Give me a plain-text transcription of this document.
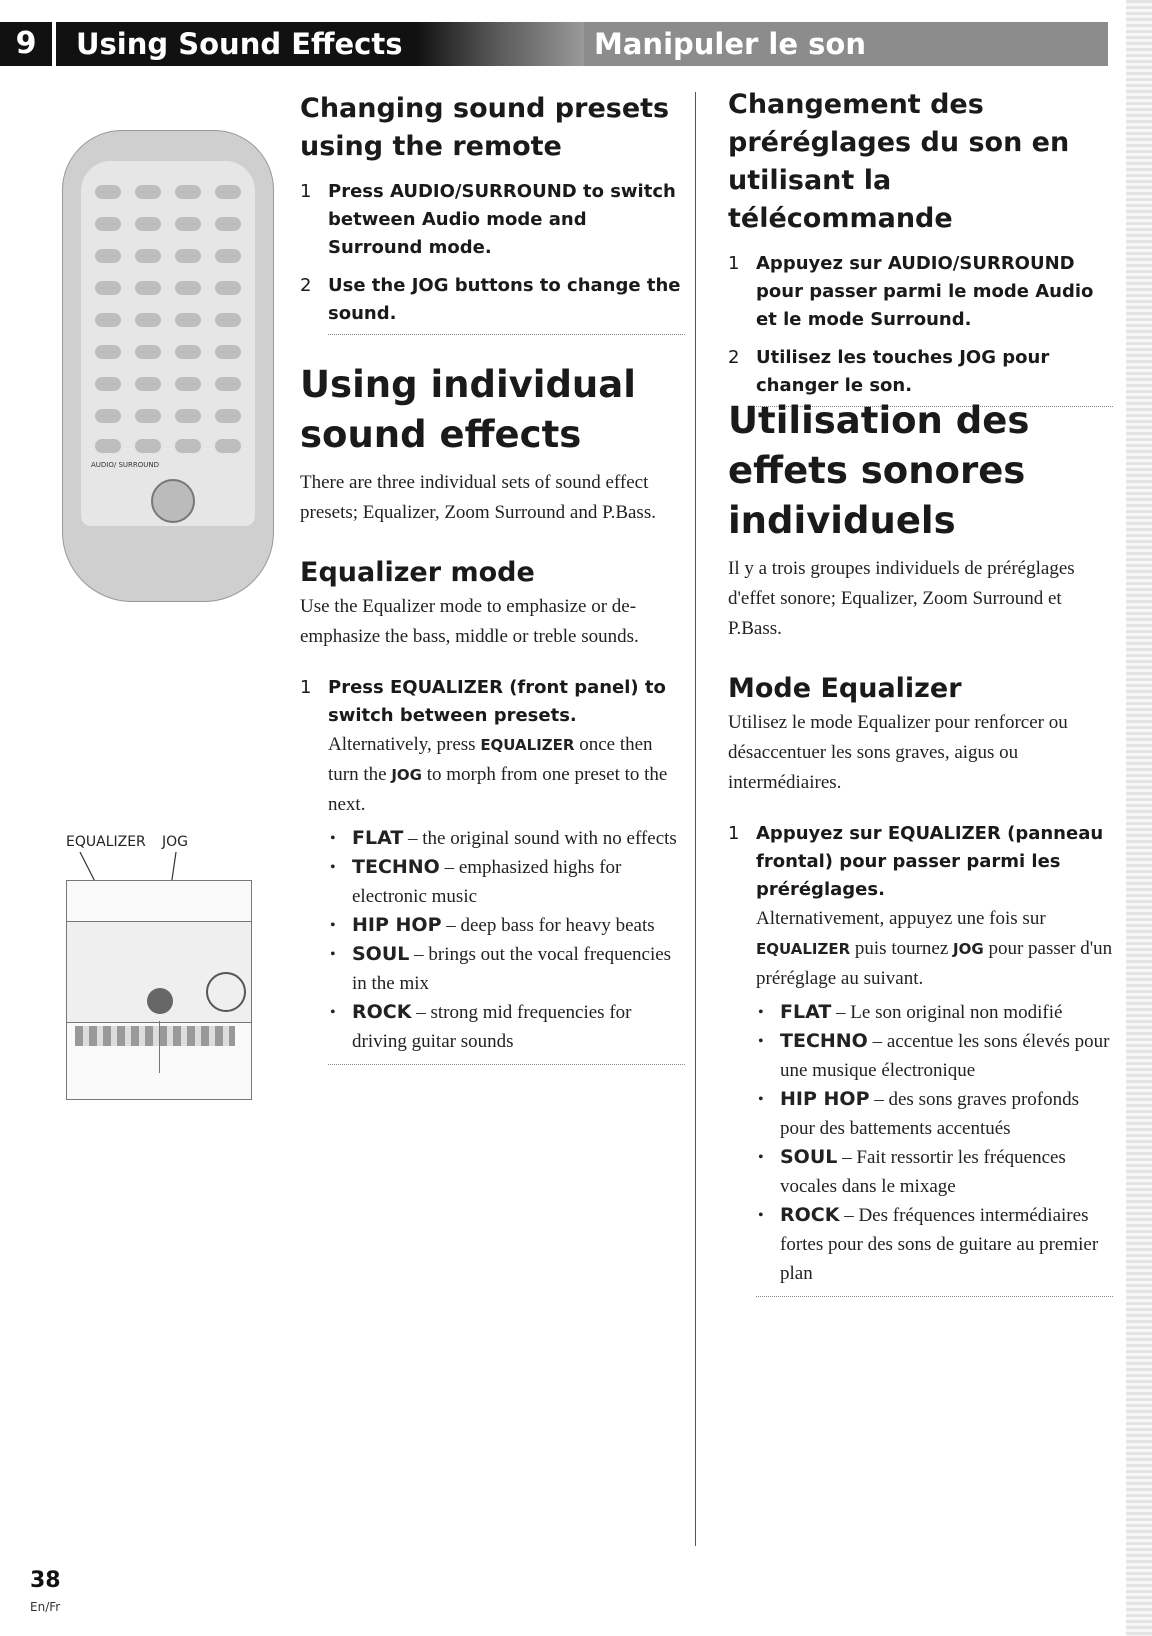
9	Using Sound Effects	Manipuler le son
AUDIO/ SURROUND
EQUALIZER JOG
Changing sound presets using the remote
1 Press AUDIO/SURROUND to switch between Audio mode and Surround mode.
2 Use the JOG buttons to change the sound.
Using individual sound effects

There are three individual sets of sound effect presets; Equalizer, Zoom Surround and P.Bass.

Equalizer mode

Use the Equalizer mode to emphasize or de-emphasize the bass, middle or treble sounds.

1 Press EQUALIZER (front panel) to switch between presets.
Alternatively, press EQUALIZER once then turn the JOG to morph from one preset to the next.
• FLAT – the original sound with no effects
• TECHNO – emphasized highs for electronic music
• HIP HOP – deep bass for heavy beats
• SOUL – brings out the vocal frequencies in the mix
• ROCK – strong mid frequencies for driving guitar sounds
Changement des préréglages du son en utilisant la télécommande
1 Appuyez sur AUDIO/SURROUND pour passer parmi le mode Audio et le mode Surround.
2 Utilisez les touches JOG pour changer le son.
Utilisation des effets sonores individuels

Il y a trois groupes individuels de préréglages d'effet sonore; Equalizer, Zoom Surround et P.Bass.

Mode Equalizer

Utilisez le mode Equalizer pour renforcer ou désaccentuer les sons graves, aigus ou intermédiaires.

1 Appuyez sur EQUALIZER (panneau frontal) pour passer parmi les préréglages.
Alternativement, appuyez une fois sur EQUALIZER puis tournez JOG pour passer d'un préréglage au suivant.
• FLAT – Le son original non modifié
• TECHNO – accentue les sons élevés pour une musique électronique
• HIP HOP – des sons graves profonds pour des battements accentués
• SOUL – Fait ressortir les fréquences vocales dans le mixage
• ROCK – Des fréquences intermédiaires fortes pour des sons de guitare au premier plan
38
En/Fr
